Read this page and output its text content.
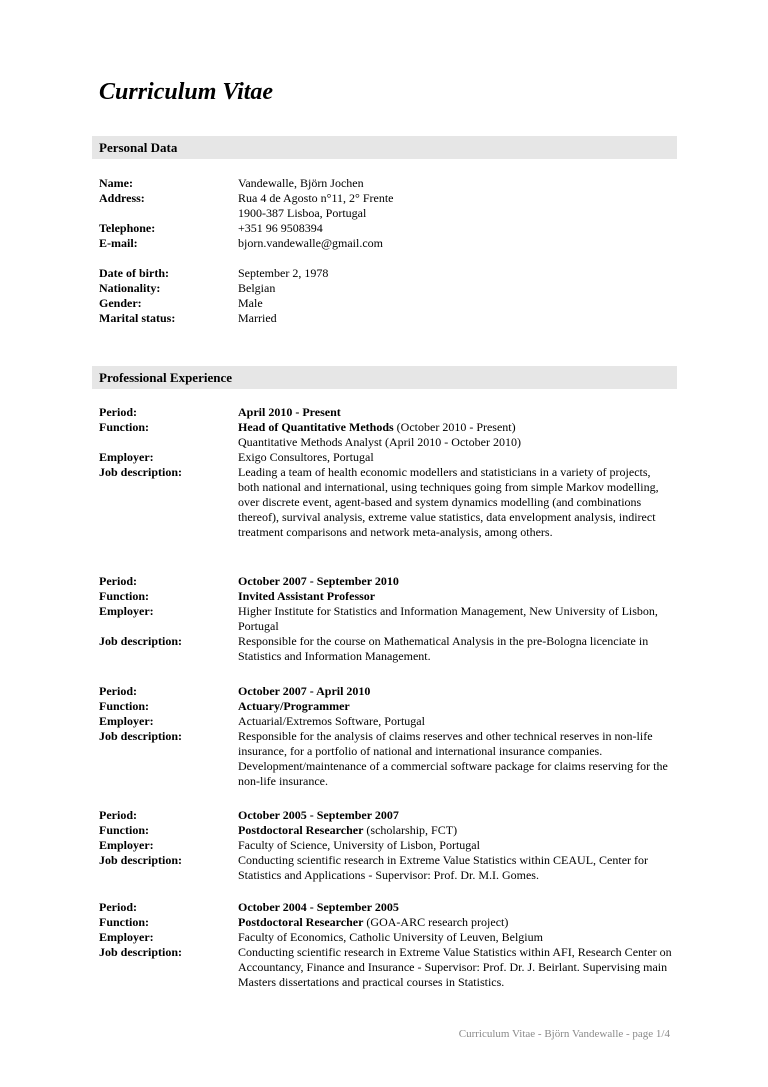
Curriculum Vitae
Personal Data
Name:	Vandewalle, Björn Jochen
Address:	Rua 4 de Agosto n°11, 2° Frente
1900-387 Lisboa, Portugal
Telephone:	+351 96 9508394
E-mail:	bjorn.vandewalle@gmail.com
Date of birth:	September 2, 1978
Nationality:	Belgian
Gender:	Male
Marital status:	Married
Professional Experience
Period:	April 2010 - Present
Function:	Head of Quantitative Methods (October 2010 - Present)
Quantitative Methods Analyst (April 2010 - October 2010)
Employer:	Exigo Consultores, Portugal
Job description:	Leading a team of health economic modellers and statisticians in a variety of projects, both national and international, using techniques going from simple Markov modelling, over discrete event, agent-based and system dynamics modelling (and combinations thereof), survival analysis, extreme value statistics, data envelopment analysis, indirect treatment comparisons and network meta-analysis, among others.
Period:	October 2007 - September 2010
Function:	Invited Assistant Professor
Employer:	Higher Institute for Statistics and Information Management, New University of Lisbon, Portugal
Job description:	Responsible for the course on Mathematical Analysis in the pre-Bologna licenciate in Statistics and Information Management.
Period:	October 2007 - April 2010
Function:	Actuary/Programmer
Employer:	Actuarial/Extremos Software, Portugal
Job description:	Responsible for the analysis of claims reserves and other technical reserves in non-life insurance, for a portfolio of national and international insurance companies. Development/maintenance of a commercial software package for claims reserving for the non-life insurance.
Period:	October 2005 - September 2007
Function:	Postdoctoral Researcher (scholarship, FCT)
Employer:	Faculty of Science, University of Lisbon, Portugal
Job description:	Conducting scientific research in Extreme Value Statistics within CEAUL, Center for Statistics and Applications - Supervisor: Prof. Dr. M.I. Gomes.
Period:	October 2004 - September 2005
Function:	Postdoctoral Researcher (GOA-ARC research project)
Employer:	Faculty of Economics, Catholic University of Leuven, Belgium
Job description:	Conducting scientific research in Extreme Value Statistics within AFI, Research Center on Accountancy, Finance and Insurance - Supervisor: Prof. Dr. J. Beirlant. Supervising main Masters dissertations and practical courses in Statistics.
Curriculum Vitae - Björn Vandewalle - page 1/4
